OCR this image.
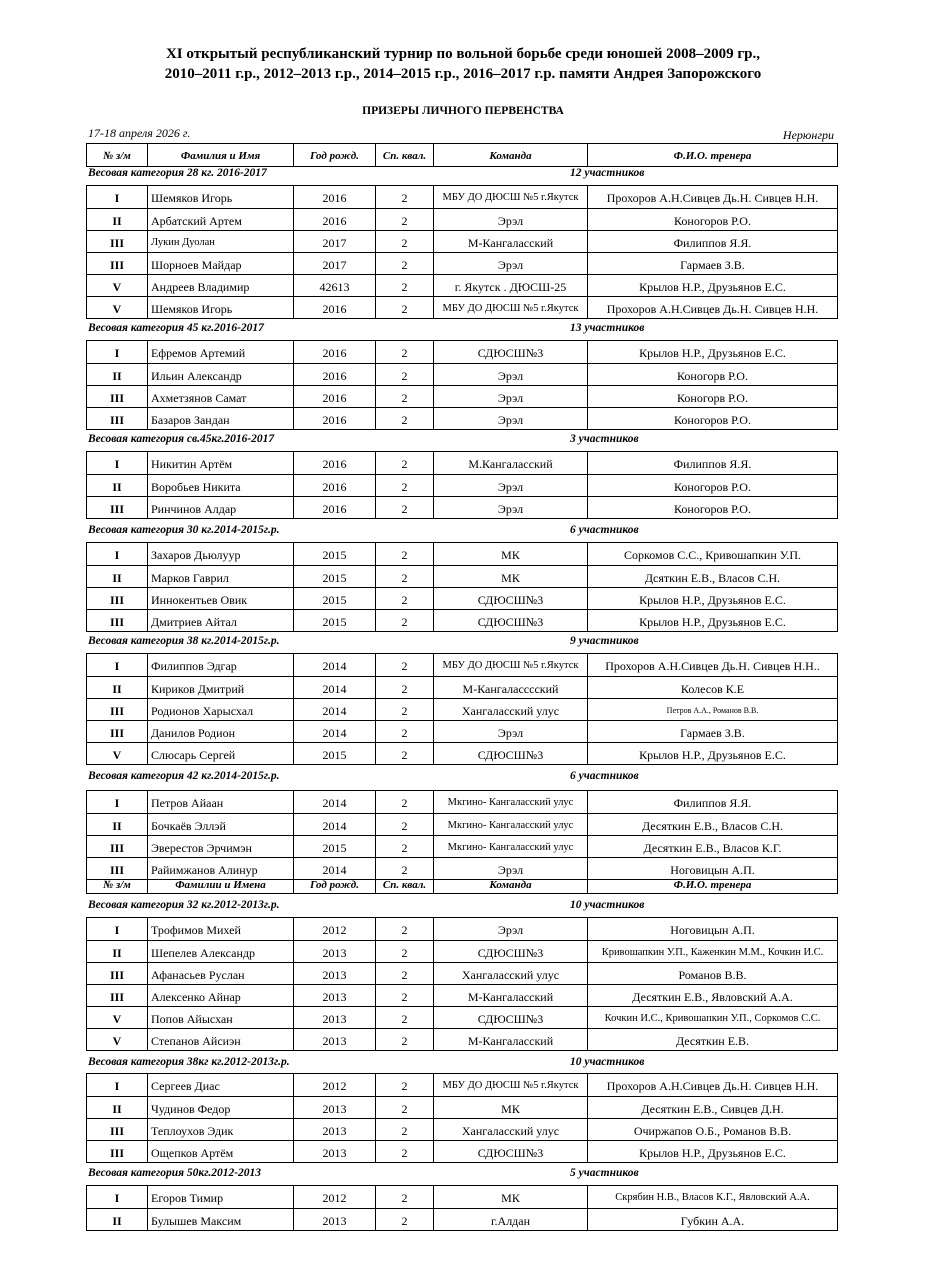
XI открытый республиканский турнир по вольной борьбе среди юношей 2008–2009 гр.,
2010–2011 г.р., 2012–2013 г.р., 2014–2015 г.р., 2016–2017 г.р. памяти Андрея Запорожского
ПРИЗЕРЫ ЛИЧНОГО ПЕРВЕНСТВА
17-18 апреля 2026 г.	Нерюнгри
№ з/м	Фамилия и Имя	Год рожд.	Сп. квал.	Команда	Ф.И.О. тренера
Весовая категория 28 кг. 2016-2017	12 участников
I	Шемяков Игорь	2016	2	МБУ ДО ДЮСШ №5 г.Якутск	Прохоров А.Н.Сивцев Дь.Н. Сивцев Н.Н.
II	Арбатский Артем	2016	2	Эрэл	Коногоров Р.О.
III	Лукин Дуолан	2017	2	М-Кангаласский	Филиппов Я.Я.
III	Шорноев Майдар	2017	2	Эрэл	Гармаев З.В.
V	Андреев Владимир	42613	2	г. Якутск . ДЮСШ-25	Крылов Н.Р., Друзьянов Е.С.
V	Шемяков Игорь	2016	2	МБУ ДО ДЮСШ №5 г.Якутск	Прохоров А.Н.Сивцев Дь.Н. Сивцев Н.Н.
Весовая категория 45 кг.2016-2017	13 участников
I	Ефремов Артемий	2016	2	СДЮСШ№3	Крылов Н.Р., Друзьянов Е.С.
II	Ильин Александр	2016	2	Эрэл	Коногорв Р.О.
III	Ахметзянов Самат	2016	2	Эрэл	Коногорв Р.О.
III	Базаров Зандан	2016	2	Эрэл	Коногоров Р.О.
Весовая категория св.45кг.2016-2017	3 участников
I	Никитин Артём	2016	2	М.Кангаласский	Филиппов Я.Я.
II	Воробьев Никита	2016	2	Эрэл	Коногоров Р.О.
III	Ринчинов Алдар	2016	2	Эрэл	Коногоров Р.О.
Весовая категория 30 кг.2014-2015г.р.	6 участников
I	Захаров Дьюлуур	2015	2	МК	Соркомов С.С., Кривошапкин У.П.
II	Марков Гаврил	2015	2	МК	Дсяткин Е.В., Власов С.Н.
III	Иннокентьев Овик	2015	2	СДЮСШ№3	Крылов Н.Р., Друзьянов Е.С.
III	Дмитриев Айтал	2015	2	СДЮСШ№3	Крылов Н.Р., Друзьянов Е.С.
Весовая категория 38 кг.2014-2015г.р.	9 участников
I	Филиппов Эдгар	2014	2	МБУ ДО ДЮСШ №5 г.Якутск	Прохоров А.Н.Сивцев Дь.Н. Сивцев Н.Н..
II	Кириков Дмитрий	2014	2	М-Кангаласссский	Колесов К.Е
III	Родионов Харысхал	2014	2	Хангаласский улус	Петров А.А., Романов В.В.
III	Данилов Родион	2014	2	Эрэл	Гармаев З.В.
V	Слюсарь Сергей	2015	2	СДЮСШ№3	Крылов Н.Р., Друзьянов Е.С.
Весовая категория 42 кг.2014-2015г.р.	6 участников
I	Петров Айаан	2014	2	Мкгино- Кангаласский улус	Филиппов Я.Я.
II	Бочкаёв Эллэй	2014	2	Мкгино- Кангаласский улус	Десяткин Е.В., Власов С.Н.
III	Эверестов Эрчимэн	2015	2	Мкгино- Кангаласский улус	Десяткин Е.В., Власов К.Г.
III	Райимжанов Алинур	2014	2	Эрэл	Ноговицын А.П.
№ з/м	Фамилии и Имена	Год рожд.	Сп. квал.	Команда	Ф.И.О. тренера
Весовая категория 32 кг.2012-2013г.р.	10 участников
I	Трофимов Михей	2012	2	Эрэл	Ноговицын А.П.
II	Шепелев Александр	2013	2	СДЮСШ№3	Кривошапкин У.П., Каженкин М.М., Кочкин И.С.
III	Афанасьев Руслан	2013	2	Хангаласский улус	Романов В.В.
III	Алексенко Айнар	2013	2	М-Кангаласский	Десяткин Е.В., Явловский А.А.
V	Попов Айысхан	2013	2	СДЮСШ№3	Кочкин И.С., Кривошапкин У.П., Соркомов С.С.
V	Степанов Айсиэн	2013	2	М-Кангаласский	Десяткин Е.В.
Весовая категория 38кг кг.2012-2013г.р.	10 участников
I	Сергеев Диас	2012	2	МБУ ДО ДЮСШ №5 г.Якутск	Прохоров А.Н.Сивцев Дь.Н. Сивцев Н.Н.
II	Чудинов Федор	2013	2	МК	Десяткин Е.В., Сивцев Д.Н.
III	Теплоухов Эдик	2013	2	Хангаласский улус	Очиржапов О.Б., Романов В.В.
III	Ощепков Артём	2013	2	СДЮСШ№3	Крылов Н.Р., Друзьянов Е.С.
Весовая категория 50кг.2012-2013	5 участников
I	Егоров Тимир	2012	2	МК	Скрябин Н.В., Власов К.Г., Явловский А.А.
II	Булышев Максим	2013	2	г.Алдан	Губкин А.А.
